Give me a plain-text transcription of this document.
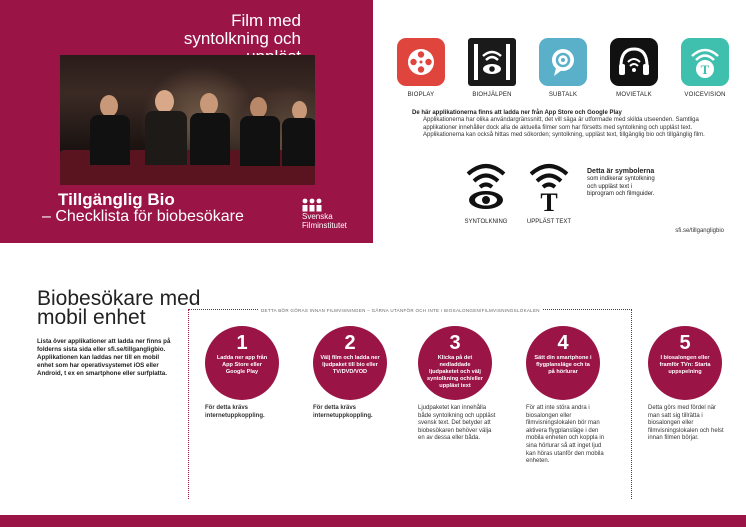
Film med
syntolkning och

Tillgänglig Bio
– Checklista för biobesökare	Svenska
Filminstitutet
BIOPLAY	BIOHJÄLPEN	SUBTALK	MOVIETALK
T
VOICEVISION
De här applikationerna finns att ladda ner från App Store och Google Play
Applikationerna har olika användargränssnitt, det vill säga är utformade med skilda utseenden. Samtliga applikationer innehåller dock alla de aktuella filmer som har försetts med syntolkning och uppläst text. Applikationerna kan också hittas med sökorden; syntolkning, uppläst text, tillgänglig bio och tillgänglig film.
SYNTOLKNING
T
UPPLÄST TEXT
Detta är symbolerna
som indikerar syntolkning och uppläst text i biprogram och filmguider.
sfi.se/tillgangligbio
Biobesökare med
mobil enhet
Lista över applikationer att ladda ner finns på folderns sista sida eller sfi.se/tillgangligbio. Applikationen kan laddas ner till en mobil enhet som har operativsystemet iOS eller Android, t ex en smartphone eller surfplatta.
DETTA BÖR GÖRAS INNAN FILMVISNINGEN – GÄRNA UTANFÖR OCH INTE I BIOSALONGEN/FILMVISNINGSLOKALEN
1
Ladda ner app från App Store eller Google Play
För detta krävs internetuppkoppling.
2
Välj film och ladda ner ljudpaket till bio eller TV/DVD/VOD
För detta krävs internetuppkoppling.
3
Klicka på det nedladdade ljudpaketet och välj syntolkning och/eller uppläst text
Ljudpaketet kan innehålla både syntolkning och uppläst svensk text. Det betyder att biobesökaren behöver välja en av dessa eller båda.
4
Sätt din smartphone i flygplansläge och ta på hörlurar
För att inte störa andra i biosalongen eller filmvisningslokalen bör man aktivera flygplansläge i den mobila enheten och koppla in sina hörlurar så att inget ljud kan höras utanför den mobila enheten.
5
I biosalongen eller framför TVn: Starta uppspelning
Detta görs med fördel när man satt sig tillrätta i biosalongen eller filmvisningslokalen och helst innan filmen börjar.
